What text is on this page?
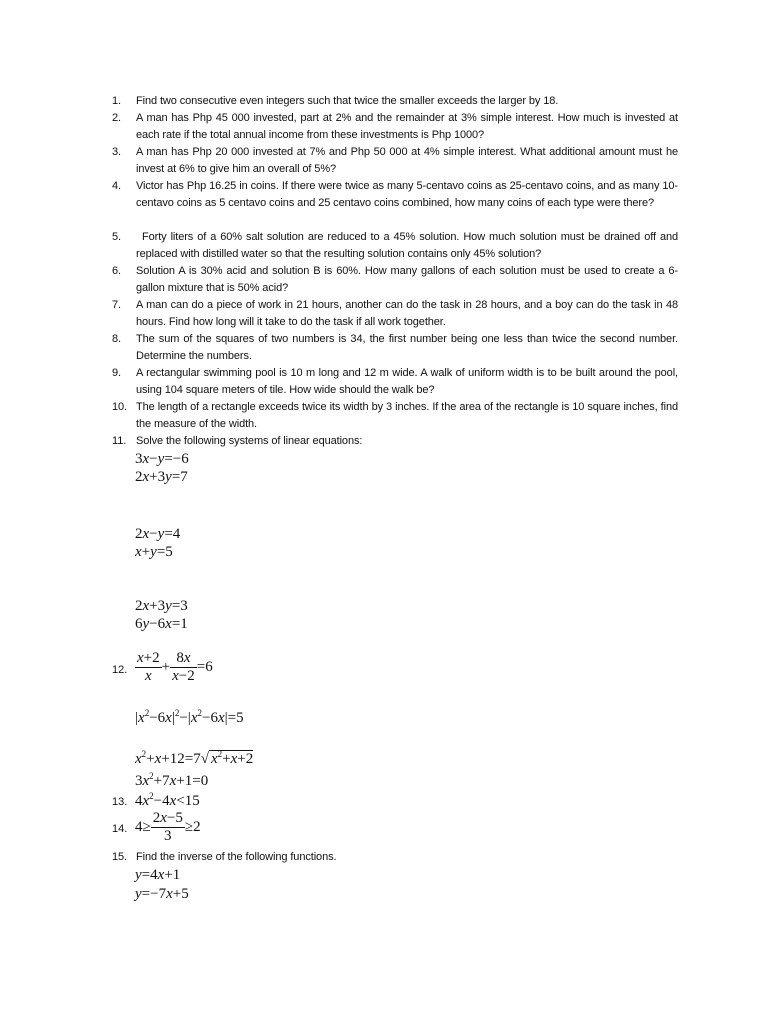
1.	Find two consecutive even integers such that twice the smaller exceeds the larger by 18.
2.	A man has Php 45 000 invested, part at 2% and the remainder at 3% simple interest. How much is invested at each rate if the total annual income from these investments is Php 1000?
3.	A man has Php 20 000 invested at 7% and Php 50 000 at 4% simple interest. What additional amount must he invest at 6% to give him an overall of 5%?
4.	Victor has Php 16.25 in coins. If there were twice as many 5-centavo coins as 25-centavo coins, and as many 10-centavo coins as 5 centavo coins and 25 centavo coins combined, how many coins of each type were there?
5.	Forty liters of a 60% salt solution are reduced to a 45% solution. How much solution must be drained off and replaced with distilled water so that the resulting solution contains only 45% solution?
6.	Solution A is 30% acid and solution B is 60%. How many gallons of each solution must be used to create a 6-gallon mixture that is 50% acid?
7.	A man can do a piece of work in 21 hours, another can do the task in 28 hours, and a boy can do the task in 48 hours. Find how long will it take to do the task if all work together.
8.	The sum of the squares of two numbers is 34, the first number being one less than twice the second number. Determine the numbers.
9.	A rectangular swimming pool is 10 m long and 12 m wide. A walk of uniform width is to be built around the pool, using 104 square meters of tile. How wide should the walk be?
10. The length of a rectangle exceeds twice its width by 3 inches. If the area of the rectangle is 10 square inches, find the measure of the width.
11. Solve the following systems of linear equations:
3x−y=−6
2x+3y=7
2x−y=4
x+y=5
2x+3y=3
6y−6x=1
12. $\frac{x+2}{x} + \frac{8x}{x-2} =6$
$|x^2-6x|^2-|x^2-6x|=5$
$x^2+x+12=7√$ $x^2+x+2$
$3x^2+7x+1=0$
13. $4x^2-4x<15$
14. $4\ge \frac{2x-5}{3} \ge 2$
15. Find the inverse of the following functions.
y=4x+1
y=−7x+5
